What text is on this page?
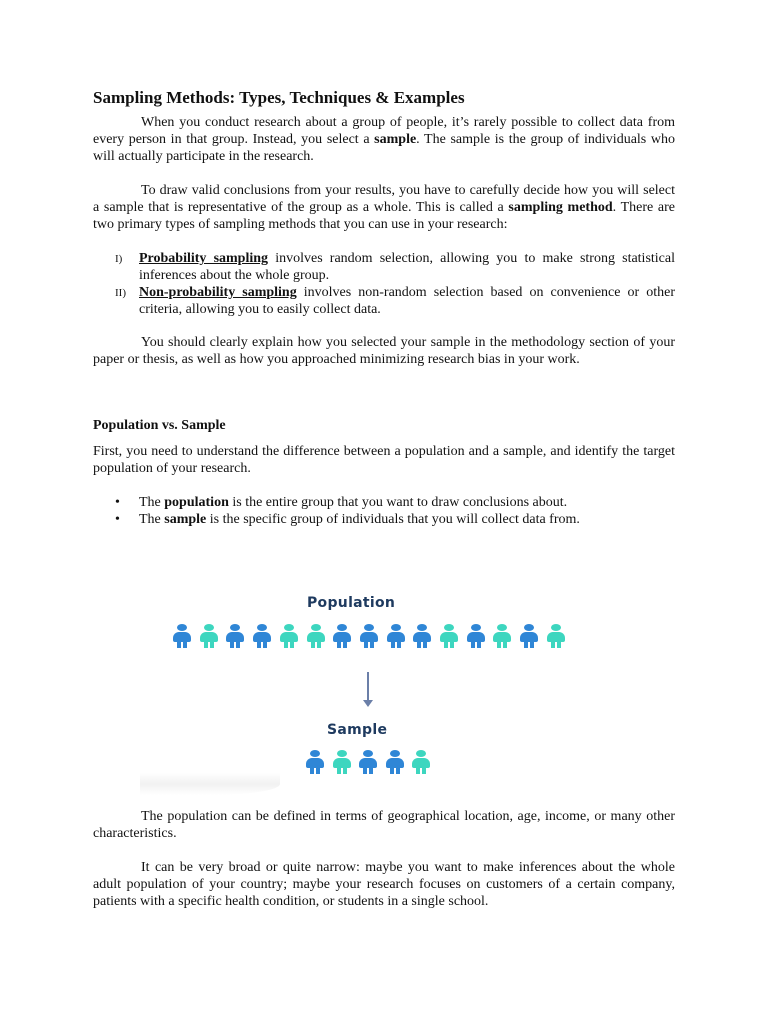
Sampling Methods: Types, Techniques & Examples

When you conduct research about a group of people, it’s rarely possible to collect data from every person in that group. Instead, you select a sample. The sample is the group of individuals who will actually participate in the research.

To draw valid conclusions from your results, you have to carefully decide how you will select a sample that is representative of the group as a whole. This is called a sampling method. There are two primary types of sampling methods that you can use in your research:

I) Probability sampling involves random selection, allowing you to make strong statistical inferences about the whole group.
II) Non-probability sampling involves non-random selection based on convenience or other criteria, allowing you to easily collect data.

You should clearly explain how you selected your sample in the methodology section of your paper or thesis, as well as how you approached minimizing research bias in your work.

Population vs. Sample

First, you need to understand the difference between a population and a sample, and identify the target population of your research.

• The population is the entire group that you want to draw conclusions about.
• The sample is the specific group of individuals that you will collect data from.

The population can be defined in terms of geographical location, age, income, or many other characteristics.

It can be very broad or quite narrow: maybe you want to make inferences about the whole adult population of your country; maybe your research focuses on customers of a certain company, patients with a specific health condition, or students in a single school.

Population
Sample
